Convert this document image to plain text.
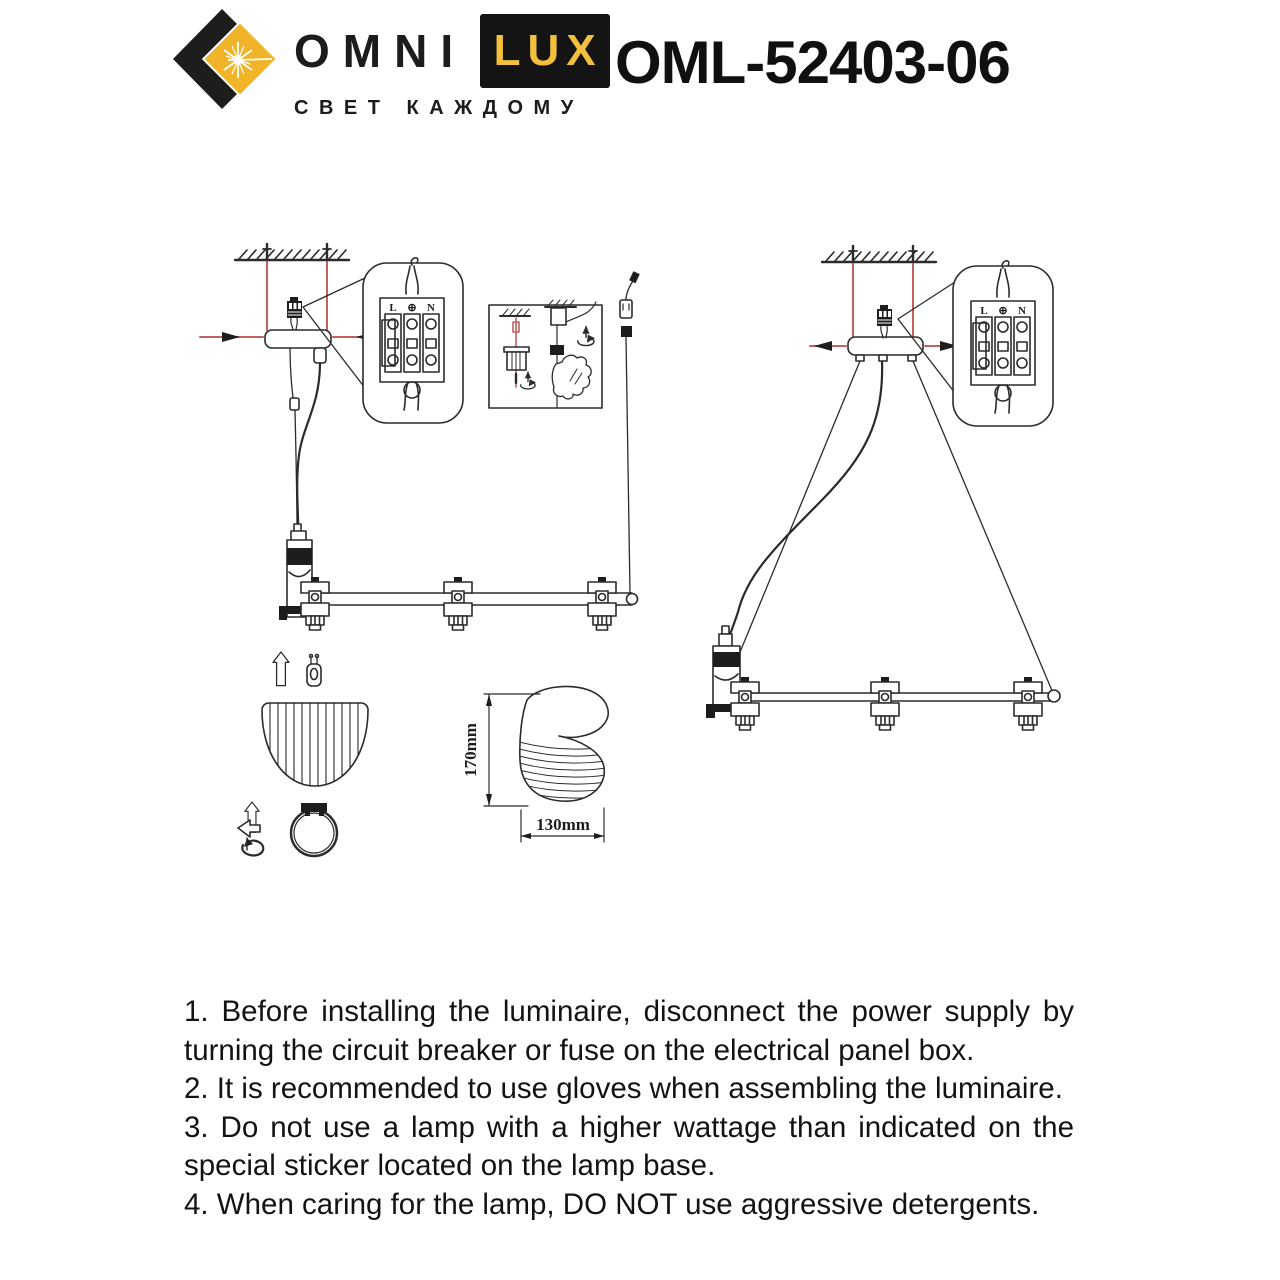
OMNI LUX
СВЕТ КАЖДОМУ
OML-52403-06
L ⊕ N	L ⊕ N
170mm
130mm

1. Before installing the luminaire, disconnect the power supply by turning the circuit breaker or fuse on the electrical panel box.

2. It is recommended to use gloves when assembling the luminaire.

3. Do not use a lamp with a higher wattage than indicated on the special sticker located on the lamp base.

4. When caring for the lamp, DO NOT use aggressive detergents.
